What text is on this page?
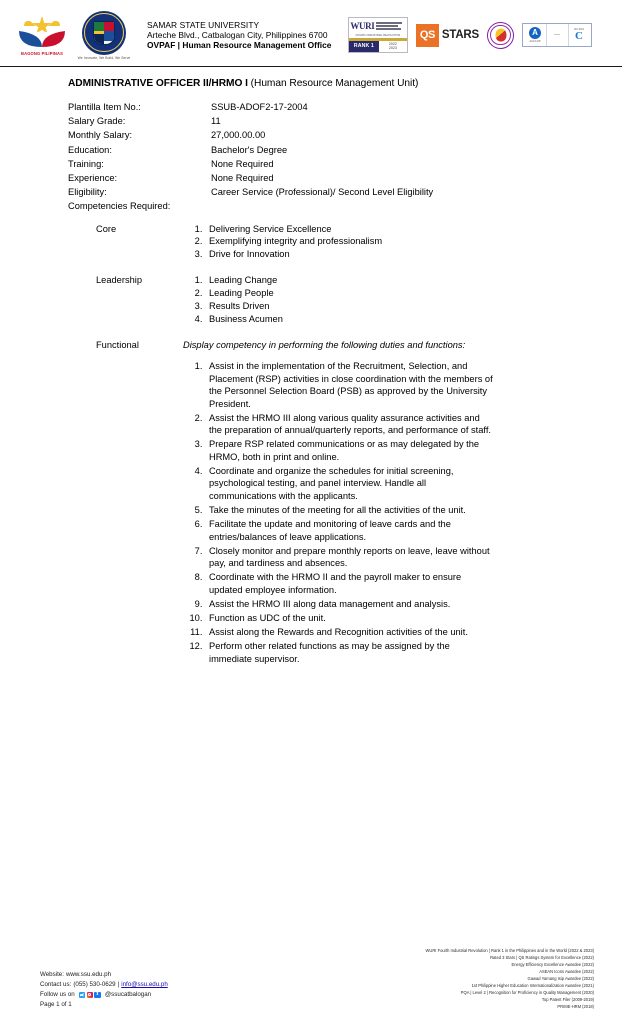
BAGONG PILIPINAS
We Innovate, We Build, We Serve
SAMAR STATE UNIVERSITY
Arteche Blvd., Catbalogan City, Philippines 6700
OVPAF | Human Resource Management Office
WURI
FOURTH INDUSTRIAL REVOLUTION
RANK 1	2022
2023
QS STARS	A
AACCUP
—
ISO 9001
C
ADMINISTRATIVE OFFICER II/HRMO I (Human Resource Management Unit)
Plantilla Item No.:	SSUB-ADOF2-17-2004
Salary Grade:	11
Monthly Salary:	27,000.00.00
Education:	Bachelor's Degree
Training:	None Required
Experience:	None Required
Eligibility:	Career Service (Professional)/ Second Level Eligibility
Competencies Required:	
Core	
1.Delivering Service Excellence
2. Exemplifying integrity and professionalism
3. Drive for Innovation

Leadership	
1.Leading Change
2. Leading People
3. Results Driven
4. Business Acumen

Functional	Display competency in performing the following duties and functions:
1. Assist in the implementation of the Recruitment, Selection, and Placement (RSP) activities in close coordination with the members of the Personnel Selection Board (PSB) as approved by the University President.
2. Assist the HRMO III along various quality assurance activities and the preparation of annual/quarterly reports, and performance of staff.
3. Prepare RSP related communications or as may delegated by the HRMO, both in print and online.
4. Coordinate and organize the schedules for initial screening, psychological testing, and panel interview. Handle all communications with the applicants.
5. Take the minutes of the meeting for all the activities of the unit.
6. Facilitate the update and monitoring of leave cards and the entries/balances of leave applications.
7. Closely monitor and prepare monthly reports on leave, leave without pay, and tardiness and absences.
8. Coordinate with the HRMO II and the payroll maker to ensure updated employee information.
9. Assist the HRMO III along data management and analysis.
10. Function as UDC of the unit.
11. Assist along the Rewards and Recognition activities of the unit.
12. Perform other related functions as may be assigned by the immediate supervisor.
Website: www.ssu.edu.ph
Contact us: (055) 530-0629 | info@ssu.edu.ph
Follow us on f	@ssucatbalogan
Page 1 of 1
WURI Fourth Industrial Revolution | Rank 1 in the Philippines and in the World (2022 & 2023)
Rated 3 Stars | QS Ratings System for Excellence (2022)
Energy Efficiency Excellence Awardee (2022)
ASEAN Icons Awardee (2022)
Gawad Yamang Isip Awardee (2022)
1st Philippine Higher Education Internationalization Awardee (2021)
PQA | Level 2 | Recognition for Proficiency in Quality Management (2020)
Top Patent Filer (2009-2019)
PRIME-HRM (2018)
